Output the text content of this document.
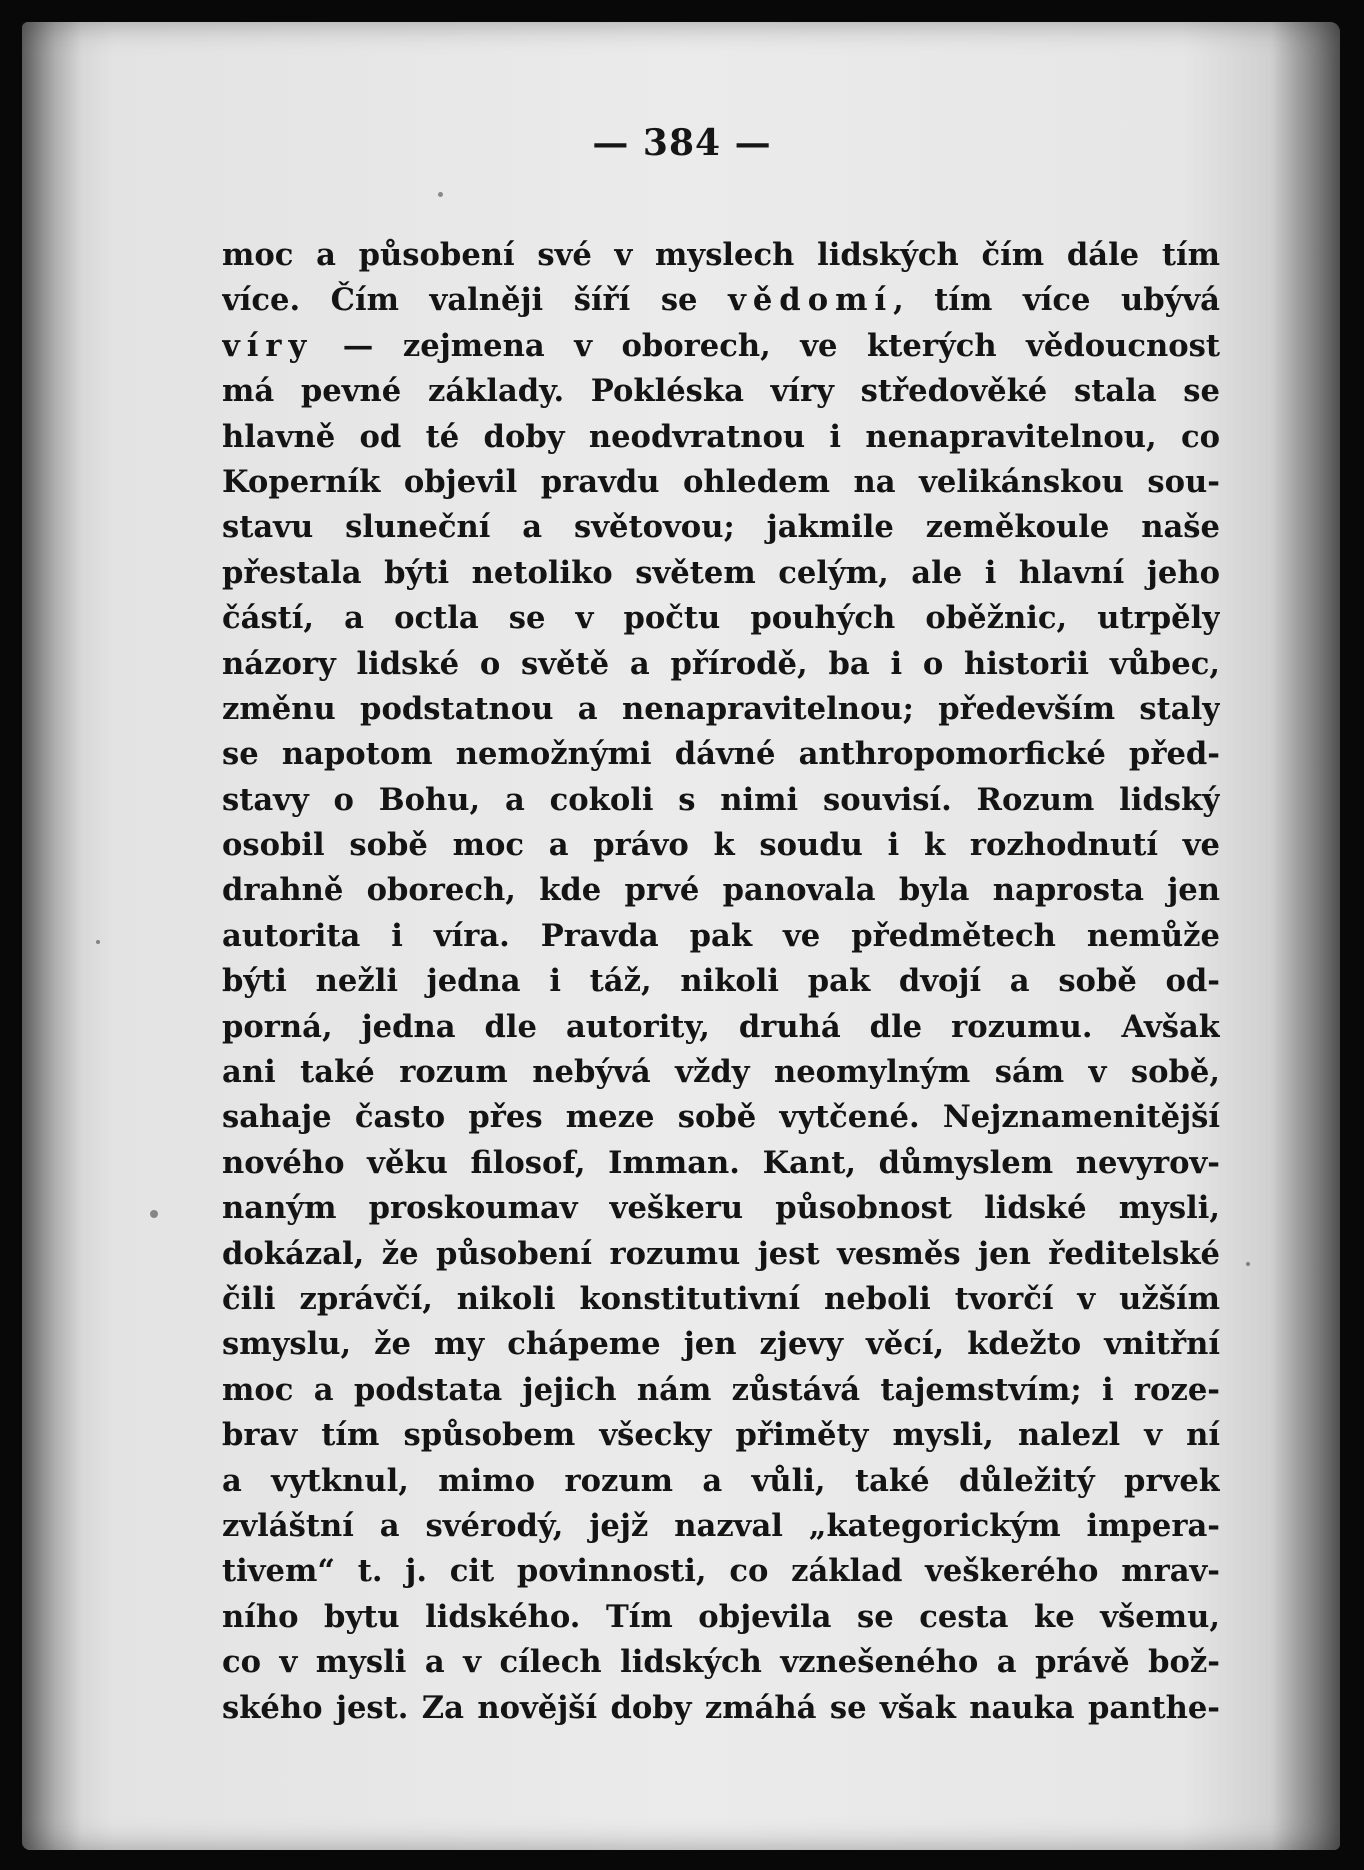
— 384 —
moc a působení své v myslech lidských čím dále tím
více. Čím valněji šíří se vědomí, tím více ubývá
víry — zejmena v oborech, ve kterých vědoucnost
má pevné základy. Pokléska víry středověké stala se
hlavně od té doby neodvratnou i nenapravitelnou, co
Koperník objevil pravdu ohledem na velikánskou sou-
stavu sluneční a světovou; jakmile zeměkoule naše
přestala býti netoliko světem celým, ale i hlavní jeho
částí, a octla se v počtu pouhých oběžnic, utrpěly
názory lidské o světě a přírodě, ba i o historii vůbec,
změnu podstatnou a nenapravitelnou; především staly
se napotom nemožnými dávné anthropomorfické před-
stavy o Bohu, a cokoli s nimi souvisí. Rozum lidský
osobil sobě moc a právo k soudu i k rozhodnutí ve
drahně oborech, kde prvé panovala byla naprosta jen
autorita i víra. Pravda pak ve předmětech nemůže
býti nežli jedna i táž, nikoli pak dvojí a sobě od-
porná, jedna dle autority, druhá dle rozumu. Avšak
ani také rozum nebývá vždy neomylným sám v sobě,
sahaje často přes meze sobě vytčené. Nejznamenitější
nového věku filosof, Imman. Kant, důmyslem nevyrov-
naným proskoumav veškeru působnost lidské mysli,
dokázal, že působení rozumu jest vesměs jen ředitelské
čili zprávčí, nikoli konstitutivní neboli tvorčí v užším
smyslu, že my chápeme jen zjevy věcí, kdežto vnitřní
moc a podstata jejich nám zůstává tajemstvím; i roze-
brav tím spůsobem všecky přiměty mysli, nalezl v ní
a vytknul, mimo rozum a vůli, také důležitý prvek
zvláštní a svérodý, jejž nazval „kategorickým impera-
tivem“ t. j. cit povinnosti, co základ veškerého mrav-
ního bytu lidského. Tím objevila se cesta ke všemu,
co v mysli a v cílech lidských vznešeného a právě bož-
ského jest. Za novější doby zmáhá se však nauka panthe-
